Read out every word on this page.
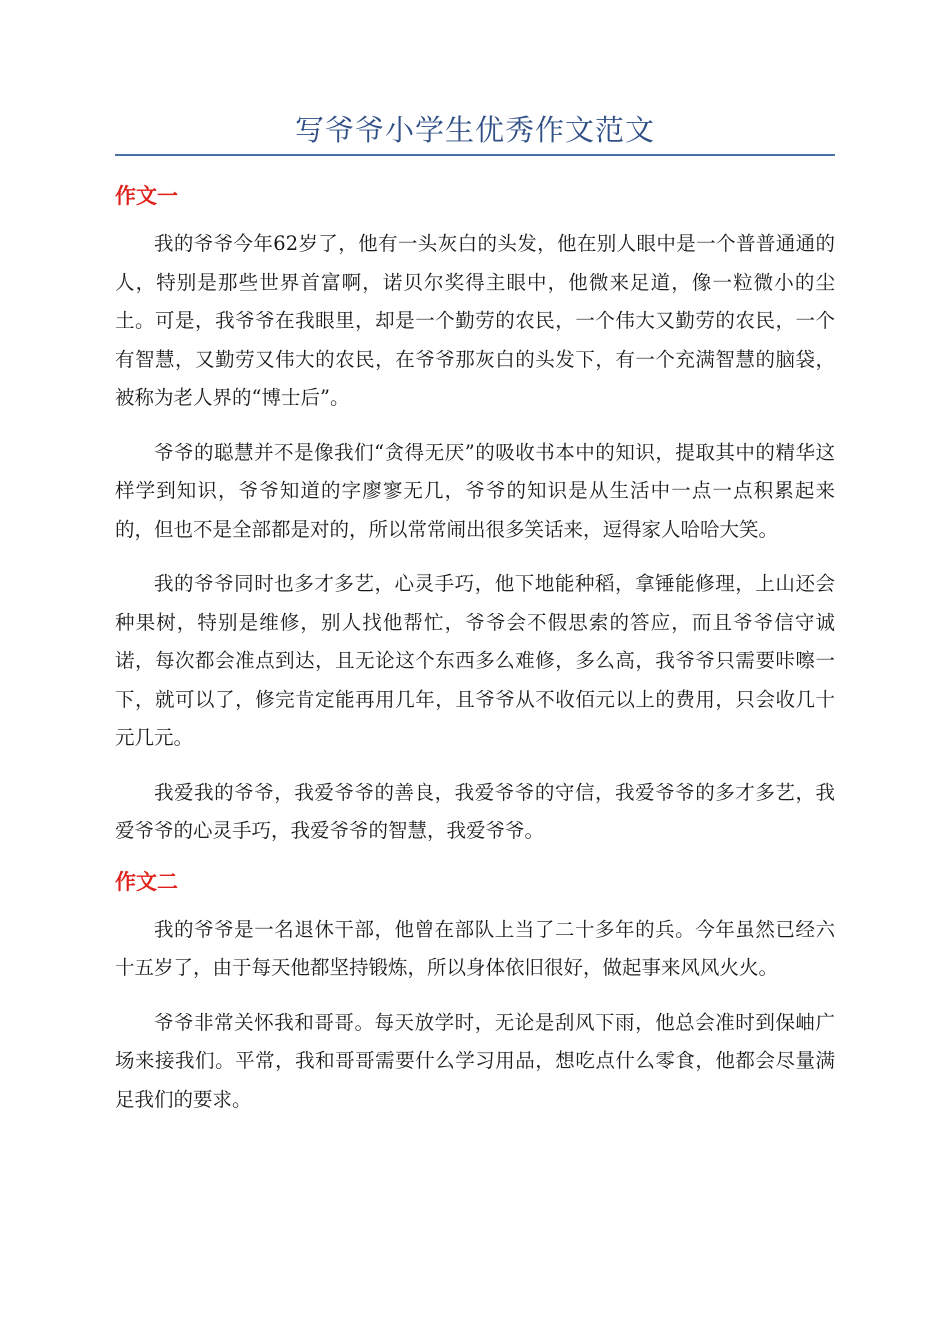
写爷爷小学生优秀作文范文
作文一

我的爷爷今年62岁了，他有一头灰白的头发，他在别人眼中是一个普普通通的人，特别是那些世界首富啊，诺贝尔奖得主眼中，他微来足道，像一粒微小的尘土。可是，我爷爷在我眼里，却是一个勤劳的农民，一个伟大又勤劳的农民，一个有智慧，又勤劳又伟大的农民，在爷爷那灰白的头发下，有一个充满智慧的脑袋，被称为老人界的“博士后”。

爷爷的聪慧并不是像我们“贪得无厌”的吸收书本中的知识，提取其中的精华这样学到知识，爷爷知道的字廖寥无几，爷爷的知识是从生活中一点一点积累起来的，但也不是全部都是对的，所以常常闹出很多笑话来，逗得家人哈哈大笑。

我的爷爷同时也多才多艺，心灵手巧，他下地能种稻，拿锤能修理，上山还会种果树，特别是维修，别人找他帮忙，爷爷会不假思索的答应，而且爷爷信守诚诺，每次都会准点到达，且无论这个东西多么难修，多么高，我爷爷只需要咔嚓一下，就可以了，修完肯定能再用几年，且爷爷从不收佰元以上的费用，只会收几十元几元。

我爱我的爷爷，我爱爷爷的善良，我爱爷爷的守信，我爱爷爷的多才多艺，我爱爷爷的心灵手巧，我爱爷爷的智慧，我爱爷爷。

作文二

我的爷爷是一名退休干部，他曾在部队上当了二十多年的兵。今年虽然已经六十五岁了，由于每天他都坚持锻炼，所以身体依旧很好，做起事来风风火火。

爷爷非常关怀我和哥哥。每天放学时，无论是刮风下雨，他总会准时到保岫广场来接我们。平常，我和哥哥需要什么学习用品，想吃点什么零食，他都会尽量满足我们的要求。
